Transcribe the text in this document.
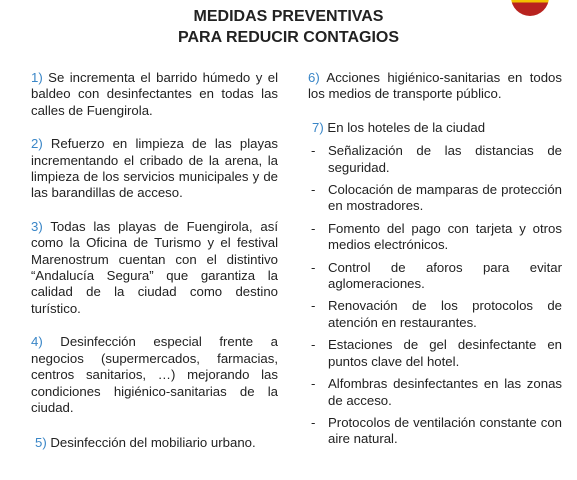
MEDIDAS PREVENTIVAS
PARA REDUCIR CONTAGIOS
1) Se incrementa el barrido húmedo y el baldeo con desinfectantes en todas las calles de Fuengirola.
2) Refuerzo en limpieza de las playas incrementando el cribado de la arena, la limpieza de los servicios municipales y de las barandillas de acceso.
3) Todas las playas de Fuengirola, así como la Oficina de Turismo y el festival Marenostrum cuentan con el distintivo “Andalucía Segura” que garantiza la calidad de la ciudad como destino turístico.
4) Desinfección especial frente a negocios (supermercados, farmacias, centros sanitarios, …) mejorando las condiciones higiénico-sanitarias de la ciudad.
5) Desinfección del mobiliario urbano.
6) Acciones higiénico-sanitarias en todos los medios de transporte público.
7) En los hoteles de la ciudad
- Señalización de las distancias de seguridad.
- Colocación de mamparas de protección en mostradores.
- Fomento del pago con tarjeta y otros medios electrónicos.
- Control de aforos para evitar aglomeraciones.
- Renovación de los protocolos de atención en restaurantes.
- Estaciones de gel desinfectante en puntos clave del hotel.
- Alfombras desinfectantes en las zonas de acceso.
- Protocolos de ventilación constante con aire natural.
